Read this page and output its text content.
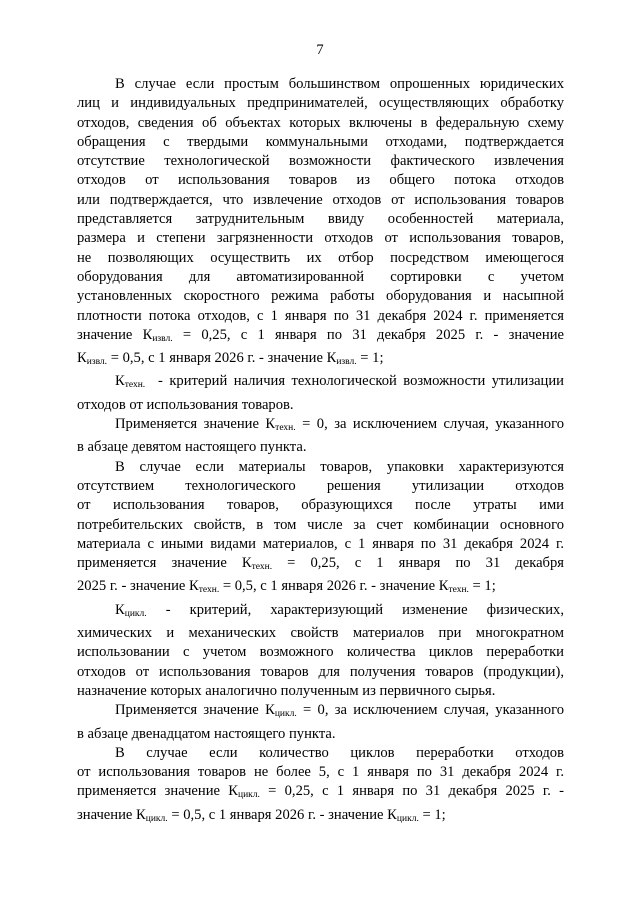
7

В случае если простым большинством опрошенных юридических
лиц и индивидуальных предпринимателей, осуществляющих обработку
отходов, сведения об объектах которых включены в федеральную схему
обращения с твердыми коммунальными отходами, подтверждается
отсутствие технологической возможности фактического извлечения
отходов от использования товаров из общего потока отходов
или подтверждается, что извлечение отходов от использования товаров
представляется затруднительным ввиду особенностей материала,
размера и степени загрязненности отходов от использования товаров,
не позволяющих осуществить их отбор посредством имеющегося
оборудования для автоматизированной сортировки с учетом
установленных скоростного режима работы оборудования и насыпной
плотности потока отходов, с 1 января по 31 декабря 2024 г. применяется
значение $К_{извл.} = 0,25$, с 1 января по 31 декабря 2025 г. - значение
$К_{извл.} = 0,5$, с 1 января 2026 г. - значение $К_{извл.} = 1$;

$К_{техн.}$  - критерий наличия технологической возможности утилизации
отходов от использования товаров.

Применяется значение $К_{техн.} = 0$, за исключением случая, указанного
в абзаце девятом настоящего пункта.

В случае если материалы товаров, упаковки характеризуются
отсутствием технологического решения утилизации отходов
от использования товаров, образующихся после утраты ими
потребительских свойств, в том числе за счет комбинации основного
материала с иными видами материалов, с 1 января по 31 декабря 2024 г.
применяется значение $К_{техн.} = 0,25$, с 1 января по 31 декабря
2025 г. - значение $К_{техн.} = 0,5$, с 1 января 2026 г. - значение $К_{техн.} = 1$;

$К_{цикл.}$ - критерий, характеризующий изменение физических,
химических и механических свойств материалов при многократном
использовании с учетом возможного количества циклов переработки
отходов от использования товаров для получения товаров (продукции),
назначение которых аналогично полученным из первичного сырья.

Применяется значение $К_{цикл.} = 0$, за исключением случая, указанного
в абзаце двенадцатом настоящего пункта.

В случае если количество циклов переработки отходов
от использования товаров не более 5, с 1 января по 31 декабря 2024 г.
применяется значение $К_{цикл.} = 0,25$, с 1 января по 31 декабря 2025 г. -
значение $К_{цикл.} = 0,5$, с 1 января 2026 г. - значение $К_{цикл.} = 1$;
